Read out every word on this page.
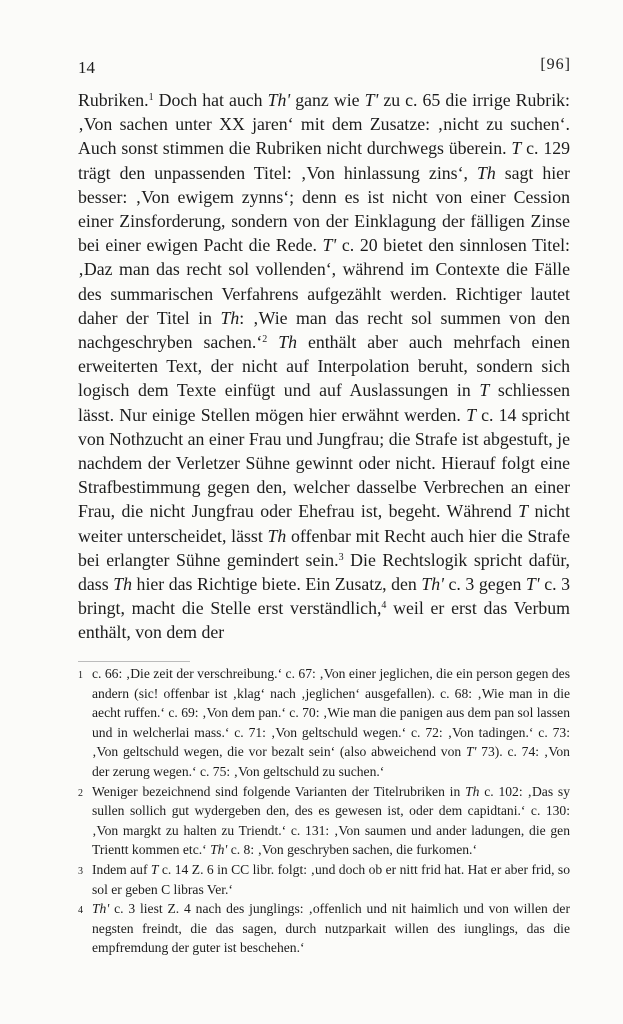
14	[96]

Rubriken.$^1$ Doch hat auch Th' ganz wie T' zu c. 65 die irrige Rubrik: ‚Von sachen unter XX jaren‘ mit dem Zusatze: ‚nicht zu suchen‘. Auch sonst stimmen die Rubriken nicht durchwegs überein. T c. 129 trägt den unpassenden Titel: ‚Von hinlassung zins‘, Th sagt hier besser: ‚Von ewigem zynns‘; denn es ist nicht von einer Cession einer Zinsforderung, sondern von der Einklagung der fälligen Zinse bei einer ewigen Pacht die Rede. T' c. 20 bietet den sinnlosen Titel: ‚Daz man das recht sol vollenden‘, während im Contexte die Fälle des summarischen Verfahrens aufgezählt werden. Richtiger lautet daher der Titel in Th: ‚Wie man das recht sol summen von den nachgeschryben sachen.‘$^2$ Th enthält aber auch mehrfach einen erweiterten Text, der nicht auf Interpolation beruht, sondern sich logisch dem Texte einfügt und auf Auslassungen in T schliessen lässt. Nur einige Stellen mögen hier erwähnt werden. T c. 14 spricht von Nothzucht an einer Frau und Jungfrau; die Strafe ist abgestuft, je nachdem der Verletzer Sühne gewinnt oder nicht. Hierauf folgt eine Strafbestimmung gegen den, welcher dasselbe Verbrechen an einer Frau, die nicht Jungfrau oder Ehefrau ist, begeht. Während T nicht weiter unterscheidet, lässt Th offenbar mit Recht auch hier die Strafe bei erlangter Sühne gemindert sein.$^3$ Die Rechtslogik spricht dafür, dass Th hier das Richtige biete. Ein Zusatz, den Th' c. 3 gegen T' c. 3 bringt, macht die Stelle erst verständlich,$^4$ weil er erst das Verbum enthält, von dem der

1 c. 66: ‚Die zeit der verschreibung.‘ c. 67: ‚Von einer jeglichen, die ein person gegen des andern (sic! offenbar ist ‚klag‘ nach ‚jeglichen‘ ausgefallen). c. 68: ‚Wie man in die aecht ruffen.‘ c. 69: ‚Von dem pan.‘ c. 70: ‚Wie man die panigen aus dem pan sol lassen und in welcherlai mass.‘ c. 71: ‚Von geltschuld wegen.‘ c. 72: ‚Von tadingen.‘ c. 73: ‚Von geltschuld wegen, die vor bezalt sein‘ (also abweichend von T' 73). c. 74: ‚Von der zerung wegen.‘ c. 75: ‚Von geltschuld zu suchen.‘
2 Weniger bezeichnend sind folgende Varianten der Titelrubriken in Th c. 102: ‚Das sy sullen sollich gut wydergeben den, des es gewesen ist, oder dem capidtani.‘ c. 130: ‚Von margkt zu halten zu Triendt.‘ c. 131: ‚Von saumen und ander ladungen, die gen Trientt kommen etc.‘ Th' c. 8: ‚Von geschryben sachen, die furkomen.‘
3 Indem auf T c. 14 Z. 6 in CC libr. folgt: ‚und doch ob er nitt frid hat. Hat er aber frid, so sol er geben C libras Ver.‘
4 Th' c. 3 liest Z. 4 nach des junglings: ‚offenlich und nit haimlich und von willen der negsten freindt, die das sagen, durch nutzparkait willen des iunglings, das die empfremdung der guter ist beschehen.‘
